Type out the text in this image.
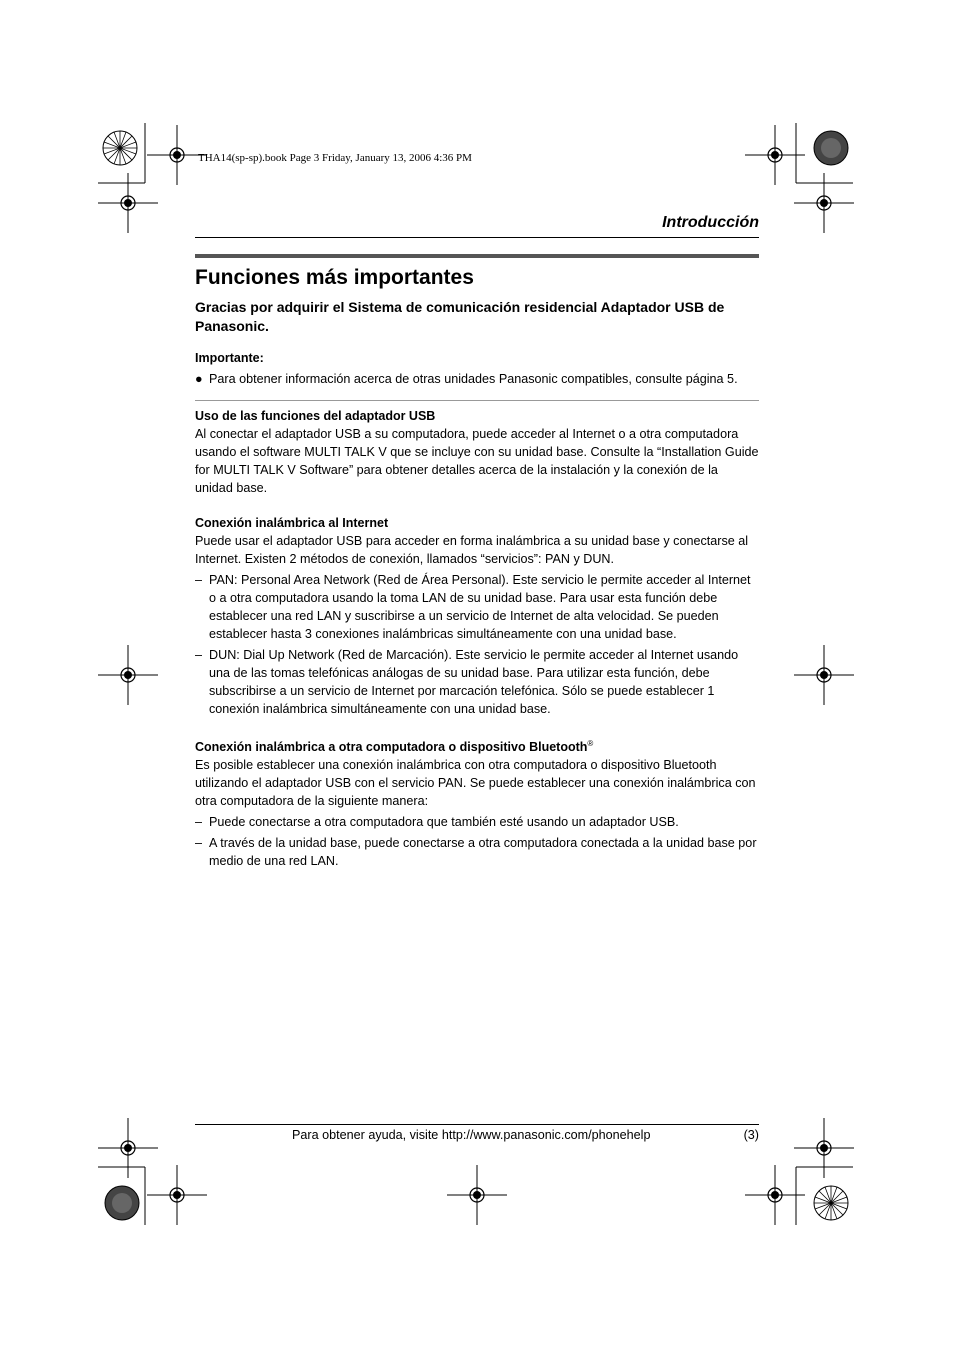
THA14(sp-sp).book Page 3 Friday, January 13, 2006 4:36 PM
Introducción
Funciones más importantes

Gracias por adquirir el Sistema de comunicación residencial Adaptador USB de Panasonic.

Importante:

● Para obtener información acerca de otras unidades Panasonic compatibles, consulte página 5.

Uso de las funciones del adaptador USB

Al conectar el adaptador USB a su computadora, puede acceder al Internet o a otra computadora usando el software MULTI TALK V que se incluye con su unidad base. Consulte la “Installation Guide for MULTI TALK V Software” para obtener detalles acerca de la instalación y la conexión de la unidad base.

Conexión inalámbrica al Internet

Puede usar el adaptador USB para acceder en forma inalámbrica a su unidad base y conectarse al Internet. Existen 2 métodos de conexión, llamados “servicios”: PAN y DUN.

– PAN: Personal Area Network (Red de Área Personal). Este servicio le permite acceder al Internet o a otra computadora usando la toma LAN de su unidad base. Para usar esta función debe establecer una red LAN y suscribirse a un servicio de Internet de alta velocidad. Se pueden establecer hasta 3 conexiones inalámbricas simultáneamente con una unidad base.
– DUN: Dial Up Network (Red de Marcación). Este servicio le permite acceder al Internet usando una de las tomas telefónicas análogas de su unidad base. Para utilizar esta función, debe subscribirse a un servicio de Internet por marcación telefónica. Sólo se puede establecer 1 conexión inalámbrica simultáneamente con una unidad base.

Conexión inalámbrica a otra computadora o dispositivo Bluetooth®

Es posible establecer una conexión inalámbrica con otra computadora o dispositivo Bluetooth utilizando el adaptador USB con el servicio PAN. Se puede establecer una conexión inalámbrica con otra computadora de la siguiente manera:

– Puede conectarse a otra computadora que también esté usando un adaptador USB.
– A través de la unidad base, puede conectarse a otra computadora conectada a la unidad base por medio de una red LAN.
Para obtener ayuda, visite http://www.panasonic.com/phonehelp	(3)
